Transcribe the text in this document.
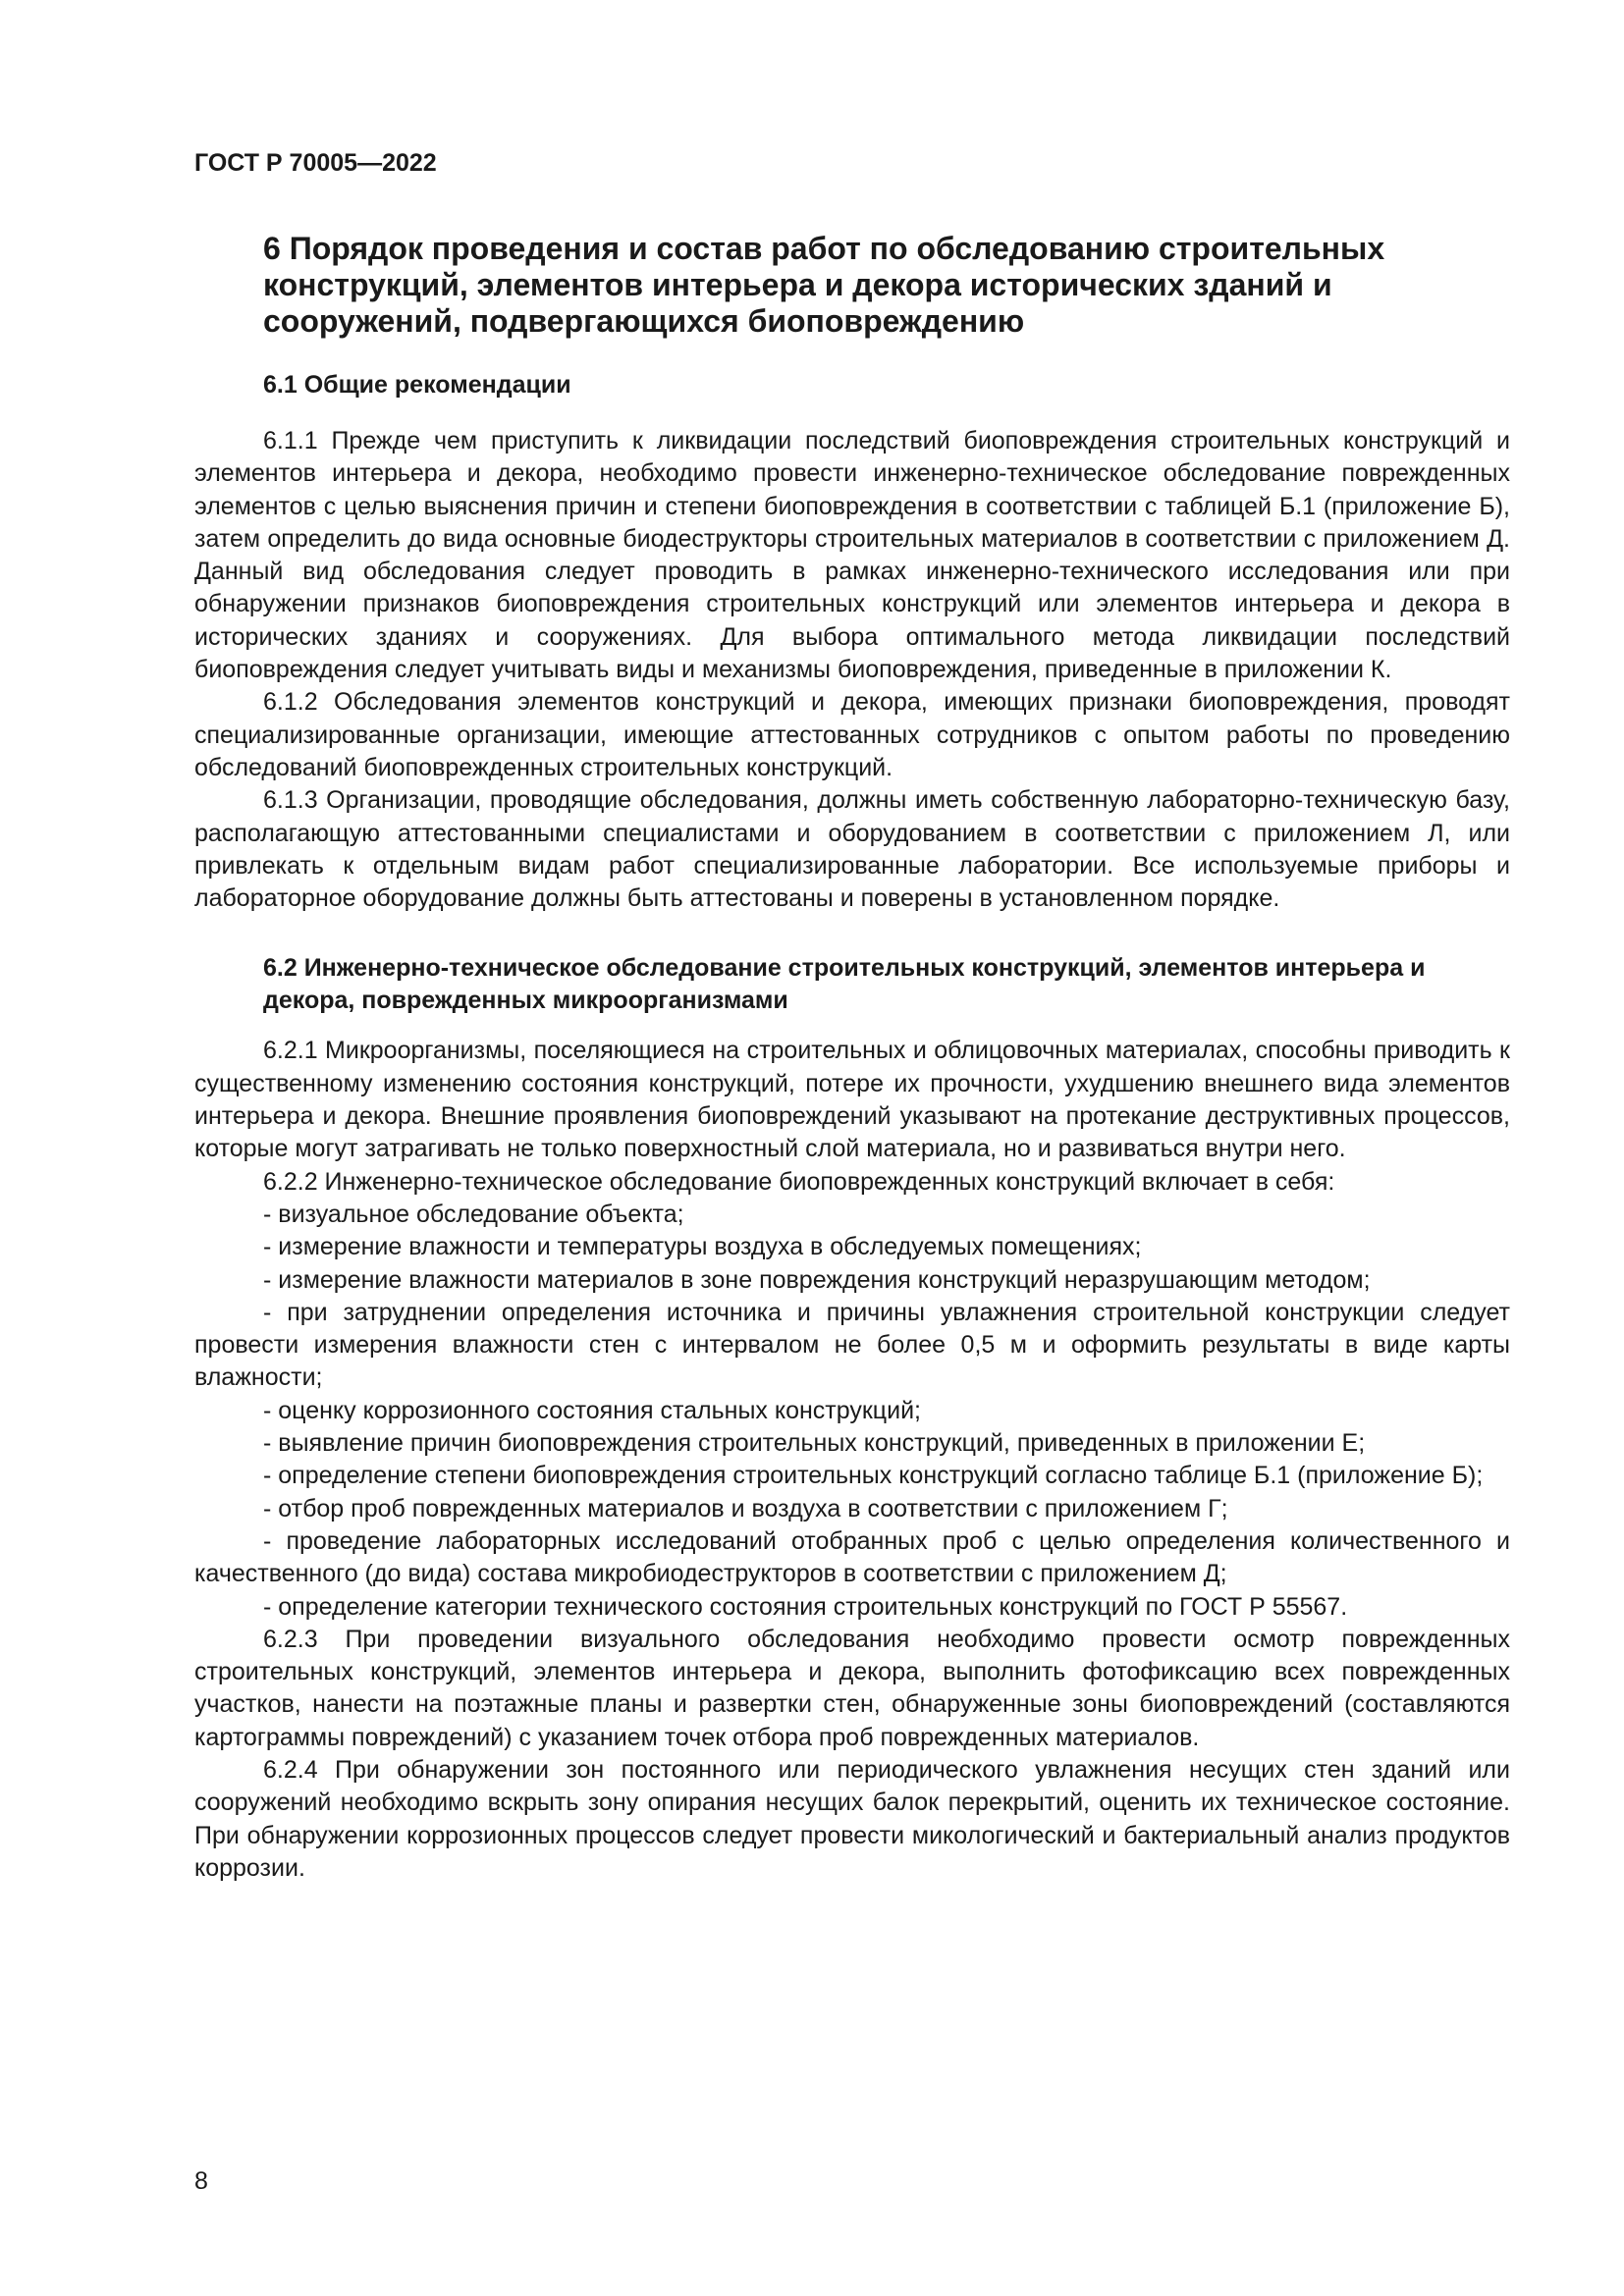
ГОСТ Р 70005—2022
6 Порядок проведения и состав работ по обследованию строительных конструкций, элементов интерьера и декора исторических зданий и сооружений, подвергающихся биоповреждению
6.1 Общие рекомендации

6.1.1 Прежде чем приступить к ликвидации последствий биоповреждения строительных конструкций и элементов интерьера и декора, необходимо провести инженерно-техническое обследование поврежденных элементов с целью выяснения причин и степени биоповреждения в соответствии с таблицей Б.1 (приложение Б), затем определить до вида основные биодеструкторы строительных материалов в соответствии с приложением Д. Данный вид обследования следует проводить в рамках инженерно-технического исследования или при обнаружении признаков биоповреждения строительных конструкций или элементов интерьера и декора в исторических зданиях и сооружениях. Для выбора оптимального метода ликвидации последствий биоповреждения следует учитывать виды и механизмы биоповреждения, приведенные в приложении К.

6.1.2 Обследования элементов конструкций и декора, имеющих признаки биоповреждения, проводят специализированные организации, имеющие аттестованных сотрудников с опытом работы по проведению обследований биоповрежденных строительных конструкций.

6.1.3 Организации, проводящие обследования, должны иметь собственную лабораторно-техническую базу, располагающую аттестованными специалистами и оборудованием в соответствии с приложением Л, или привлекать к отдельным видам работ специализированные лаборатории. Все используемые приборы и лабораторное оборудование должны быть аттестованы и поверены в установленном порядке.

6.2 Инженерно-техническое обследование строительных конструкций, элементов интерьера и декора, поврежденных микроорганизмами

6.2.1 Микроорганизмы, поселяющиеся на строительных и облицовочных материалах, способны приводить к существенному изменению состояния конструкций, потере их прочности, ухудшению внешнего вида элементов интерьера и декора. Внешние проявления биоповреждений указывают на протекание деструктивных процессов, которые могут затрагивать не только поверхностный слой материала, но и развиваться внутри него.

6.2.2 Инженерно-техническое обследование биоповрежденных конструкций включает в себя:

‑ визуальное обследование объекта;

‑ измерение влажности и температуры воздуха в обследуемых помещениях;

‑ измерение влажности материалов в зоне повреждения конструкций неразрушающим методом;

‑ при затруднении определения источника и причины увлажнения строительной конструкции следует провести измерения влажности стен с интервалом не более 0,5 м и оформить результаты в виде карты влажности;

‑ оценку коррозионного состояния стальных конструкций;

‑ выявление причин биоповреждения строительных конструкций, приведенных в приложении Е;

‑ определение степени биоповреждения строительных конструкций согласно таблице Б.1 (приложение Б);

‑ отбор проб поврежденных материалов и воздуха в соответствии с приложением Г;

‑ проведение лабораторных исследований отобранных проб с целью определения количественного и качественного (до вида) состава микробиодеструкторов в соответствии с приложением Д;

‑ определение категории технического состояния строительных конструкций по ГОСТ Р 55567.

6.2.3 При проведении визуального обследования необходимо провести осмотр поврежденных строительных конструкций, элементов интерьера и декора, выполнить фотофиксацию всех поврежденных участков, нанести на поэтажные планы и развертки стен, обнаруженные зоны биоповреждений (составляются картограммы повреждений) с указанием точек отбора проб поврежденных материалов.

6.2.4 При обнаружении зон постоянного или периодического увлажнения несущих стен зданий или сооружений необходимо вскрыть зону опирания несущих балок перекрытий, оценить их техническое состояние. При обнаружении коррозионных процессов следует провести микологический и бактериальный анализ продуктов коррозии.

8
